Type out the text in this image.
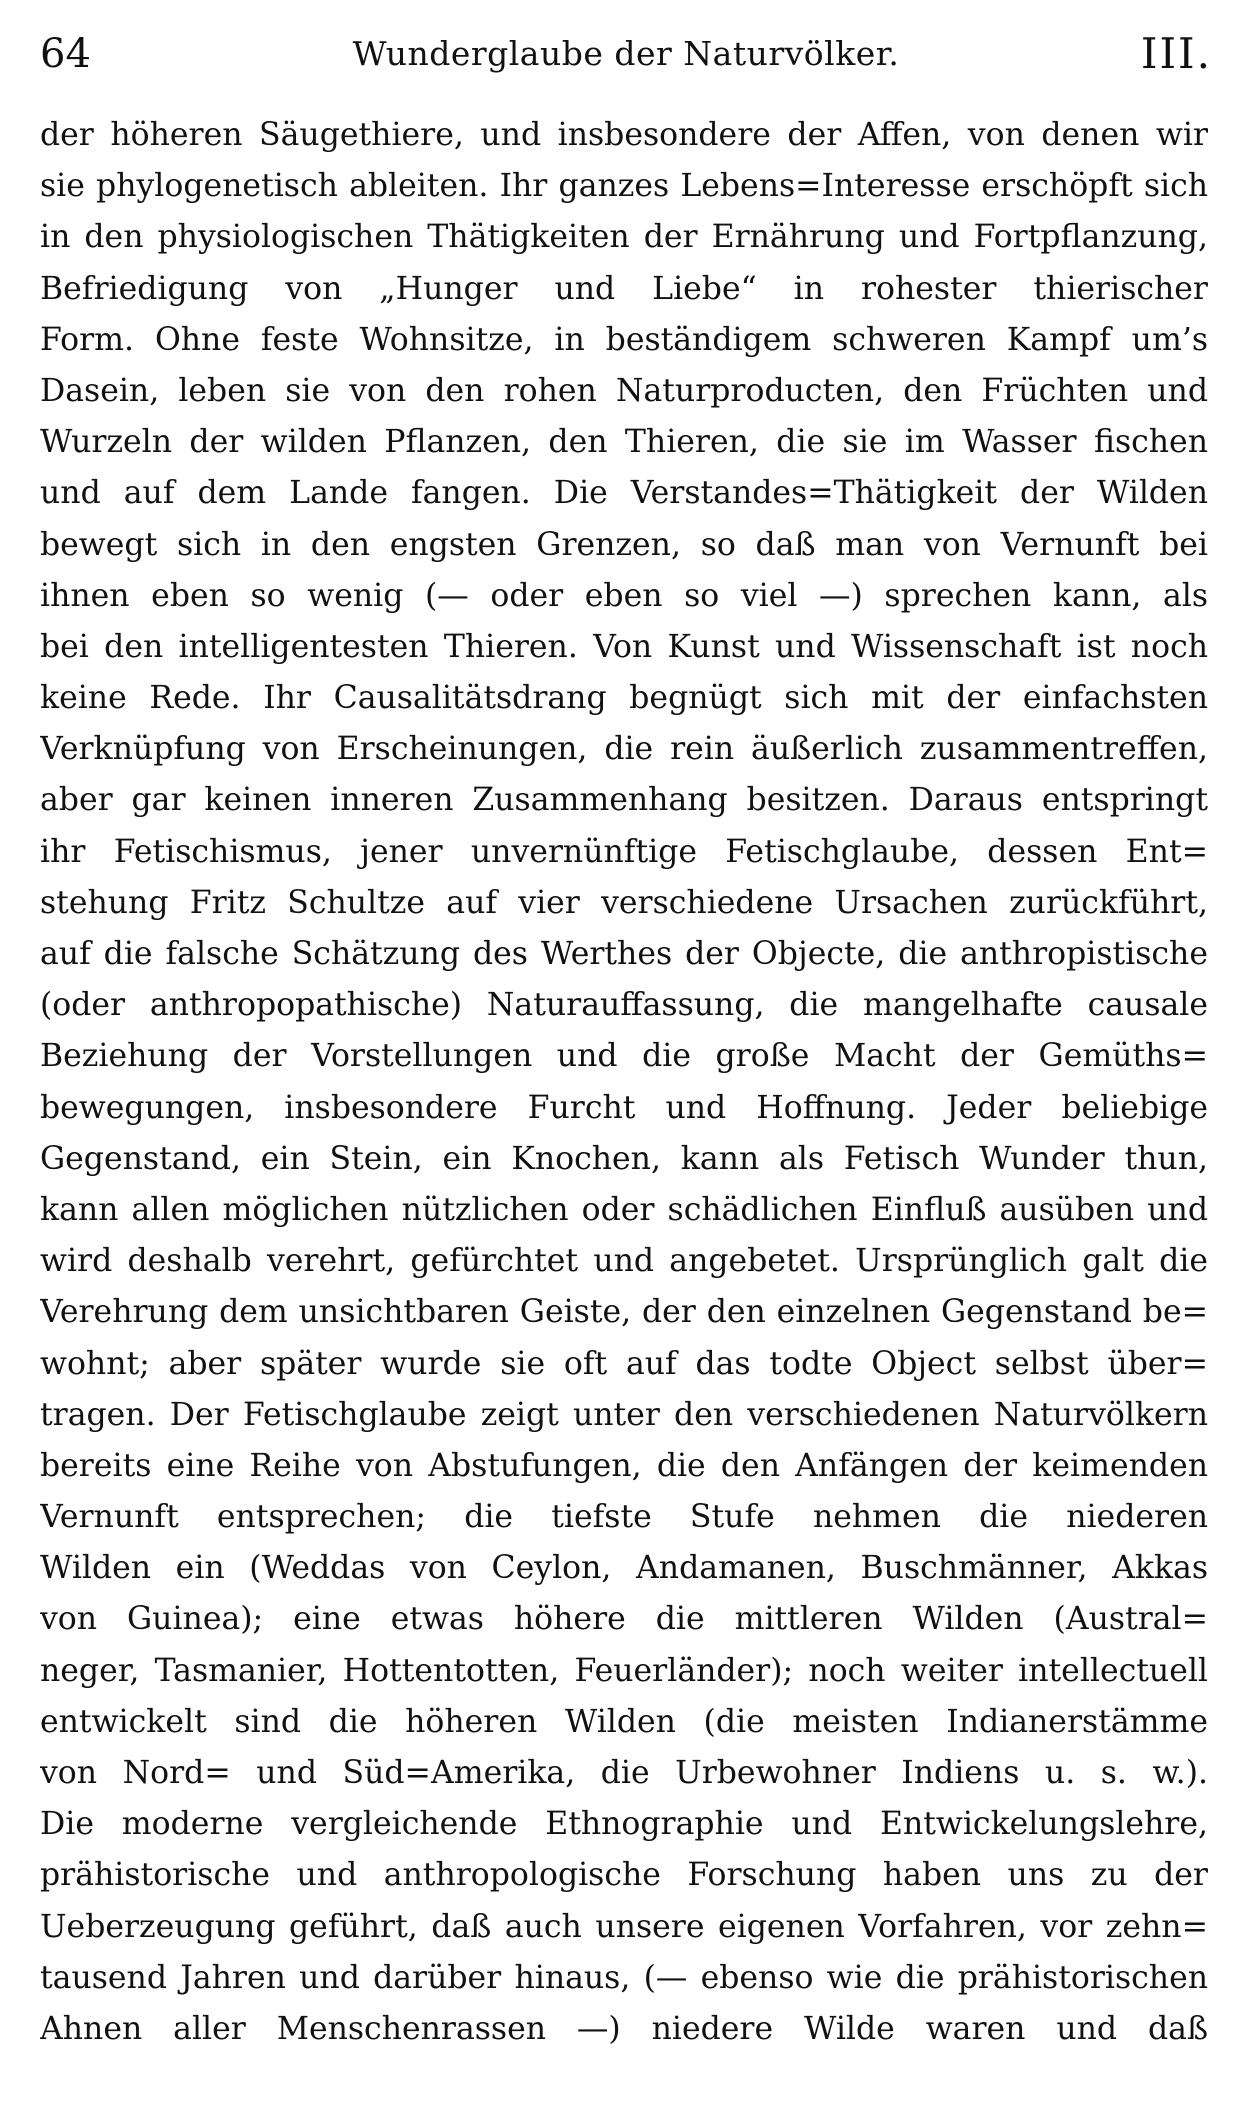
64	Wunderglaube der Naturvölker.	III.
der höheren Säugethiere, und insbesondere der Affen, von denen wir
sie phylogenetisch ableiten. Ihr ganzes Lebens=Interesse erschöpft sich
in den physiologischen Thätigkeiten der Ernährung und Fortpflanzung,
Befriedigung von „Hunger und Liebe“ in rohester thierischer
Form. Ohne feste Wohnsitze, in beständigem schweren Kampf um’s
Dasein, leben sie von den rohen Naturproducten, den Früchten und
Wurzeln der wilden Pflanzen, den Thieren, die sie im Wasser fischen
und auf dem Lande fangen. Die Verstandes=Thätigkeit der Wilden
bewegt sich in den engsten Grenzen, so daß man von Vernunft bei
ihnen eben so wenig (— oder eben so viel —) sprechen kann, als
bei den intelligentesten Thieren. Von Kunst und Wissenschaft ist noch
keine Rede. Ihr Causalitätsdrang begnügt sich mit der einfachsten
Verknüpfung von Erscheinungen, die rein äußerlich zusammentreffen,
aber gar keinen inneren Zusammenhang besitzen. Daraus entspringt
ihr Fetischismus, jener unvernünftige Fetischglaube, dessen Ent=
stehung Fritz Schultze auf vier verschiedene Ursachen zurückführt,
auf die falsche Schätzung des Werthes der Objecte, die anthropistische
(oder anthropopathische) Naturauffassung, die mangelhafte causale
Beziehung der Vorstellungen und die große Macht der Gemüths=
bewegungen, insbesondere Furcht und Hoffnung. Jeder beliebige
Gegenstand, ein Stein, ein Knochen, kann als Fetisch Wunder thun,
kann allen möglichen nützlichen oder schädlichen Einfluß ausüben und
wird deshalb verehrt, gefürchtet und angebetet. Ursprünglich galt die
Verehrung dem unsichtbaren Geiste, der den einzelnen Gegenstand be=
wohnt; aber später wurde sie oft auf das todte Object selbst über=
tragen. Der Fetischglaube zeigt unter den verschiedenen Naturvölkern
bereits eine Reihe von Abstufungen, die den Anfängen der keimenden
Vernunft entsprechen; die tiefste Stufe nehmen die niederen
Wilden ein (Weddas von Ceylon, Andamanen, Buschmänner, Akkas
von Guinea); eine etwas höhere die mittleren Wilden (Austral=
neger, Tasmanier, Hottentotten, Feuerländer); noch weiter intellectuell
entwickelt sind die höheren Wilden (die meisten Indianerstämme
von Nord= und Süd=Amerika, die Urbewohner Indiens u. s. w.).
Die moderne vergleichende Ethnographie und Entwickelungslehre,
prähistorische und anthropologische Forschung haben uns zu der
Ueberzeugung geführt, daß auch unsere eigenen Vorfahren, vor zehn=
tausend Jahren und darüber hinaus, (— ebenso wie die prähistorischen
Ahnen aller Menschenrassen —) niedere Wilde waren und daß
